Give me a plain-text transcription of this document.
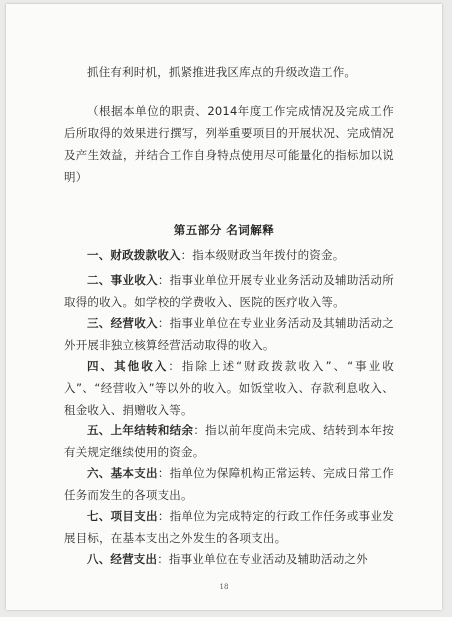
抓住有利时机，抓紧推进我区库点的升级改造工作。

（根据本单位的职责、2014年度工作完成情况及完成工作后所取得的效果进行撰写，列举重要项目的开展状况、完成情况及产生效益，并结合工作自身特点使用尽可能量化的指标加以说明）

第五部分 名词解释

一、财政拨款收入：指本级财政当年拨付的资金。

二、事业收入：指事业单位开展专业业务活动及辅助活动所取得的收入。如学校的学费收入、医院的医疗收入等。

三、经营收入：指事业单位在专业业务活动及其辅助活动之外开展非独立核算经营活动取得的收入。

四、其他收入：指除上述“财政拨款收入”、“事业收入”、“经营收入”等以外的收入。如饭堂收入、存款利息收入、租金收入、捐赠收入等。

五、上年结转和结余：指以前年度尚未完成、结转到本年按有关规定继续使用的资金。

六、基本支出：指单位为保障机构正常运转、完成日常工作任务而发生的各项支出。

七、项目支出：指单位为完成特定的行政工作任务或事业发展目标，在基本支出之外发生的各项支出。

八、经营支出：指事业单位在专业活动及辅助活动之外

18
